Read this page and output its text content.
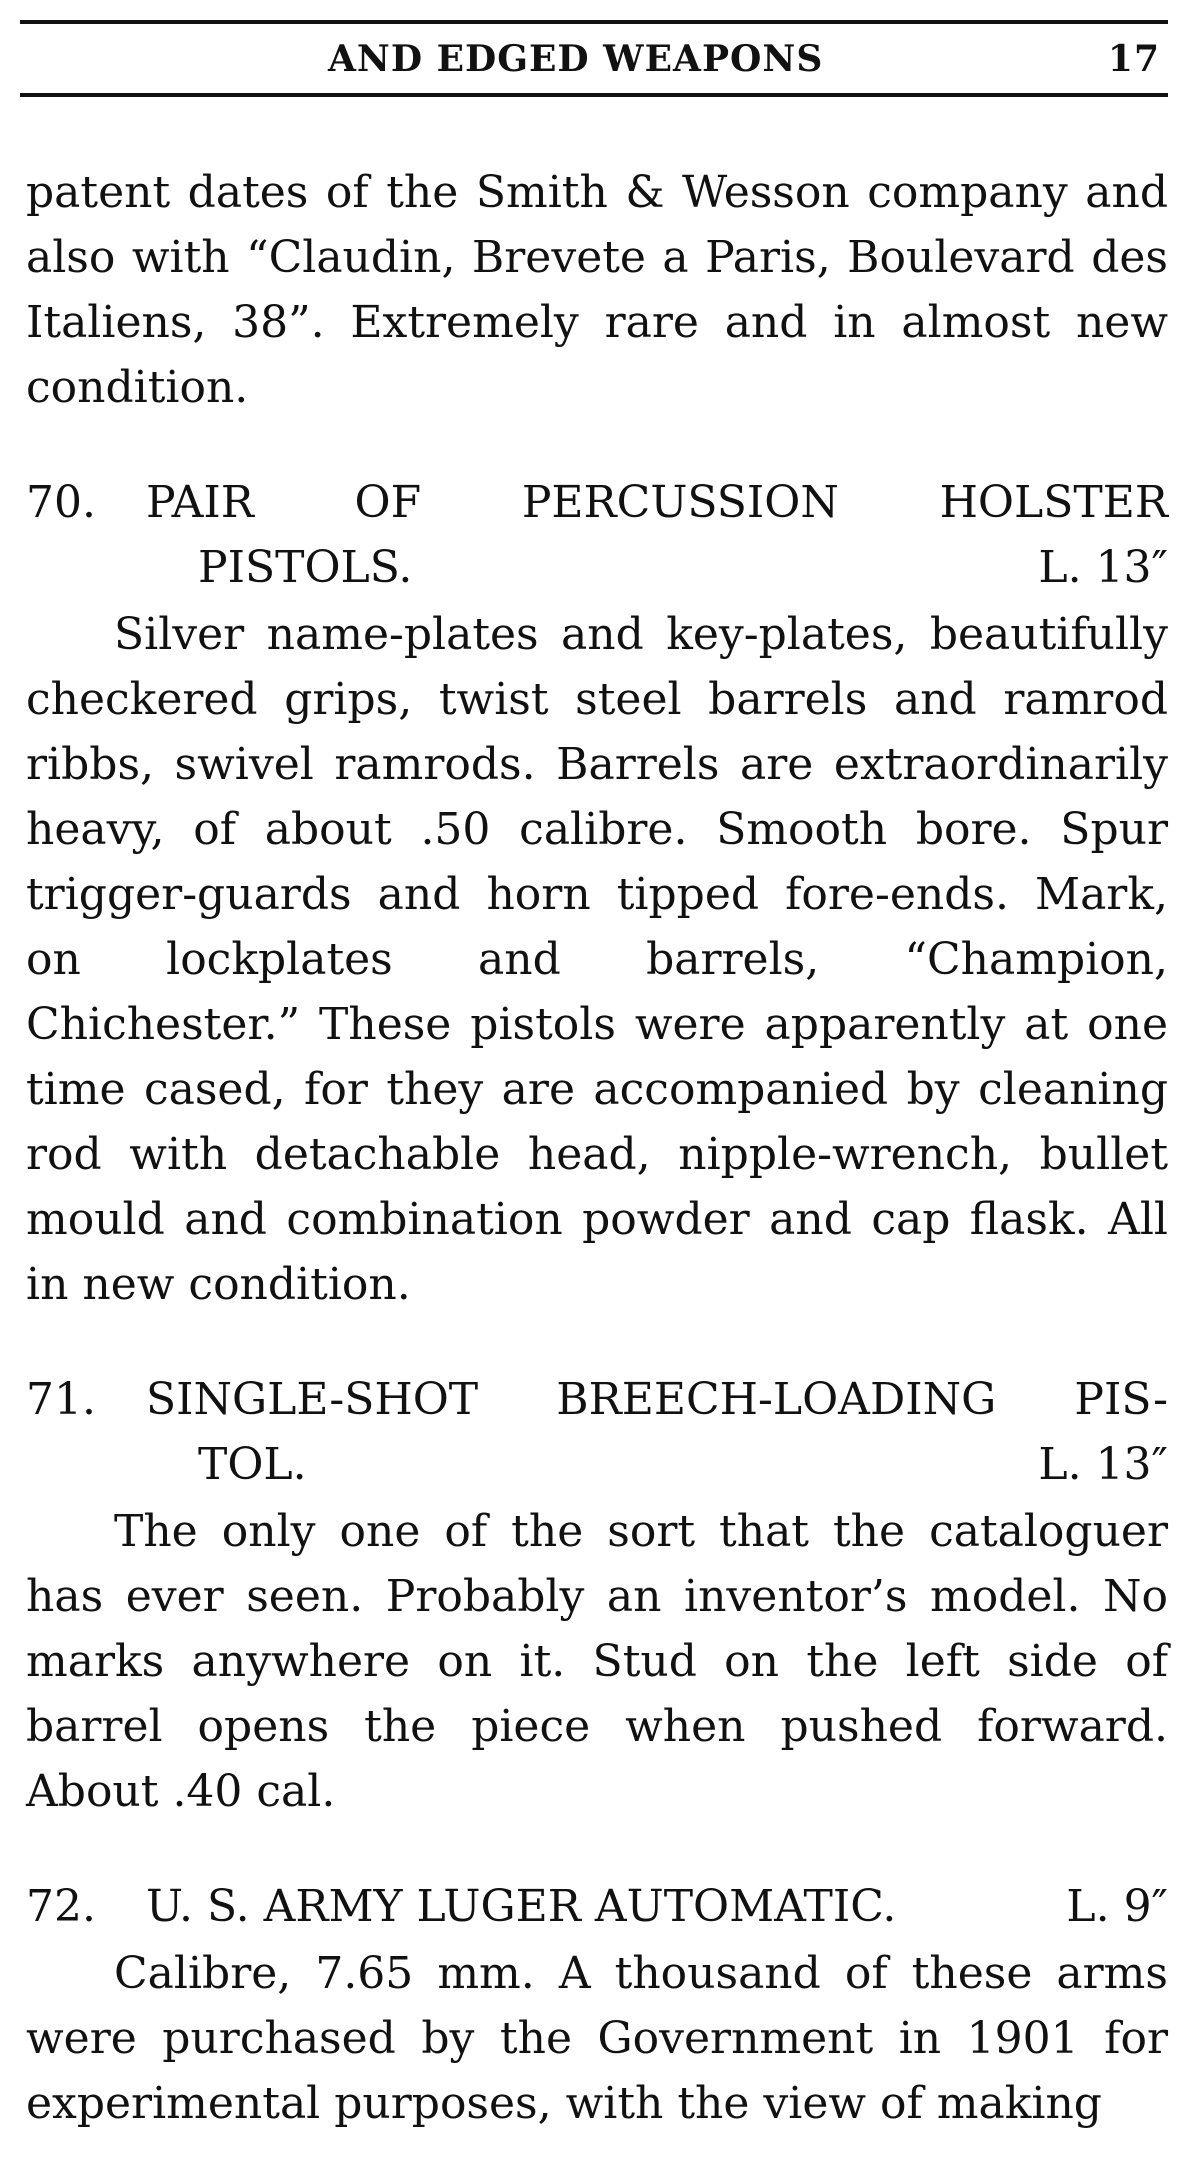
AND EDGED WEAPONS	17

patent dates of the Smith & Wesson company and also with “Claudin, Brevete a Paris, Boulevard des Italiens, 38”. Extremely rare and in almost new condition.

70.	PAIR OF PERCUSSION HOLSTER
PISTOLS.	L. 13″

Silver name-plates and key-plates, beautifully checkered grips, twist steel barrels and ramrod ribbs, swivel ramrods. Barrels are extraordinarily heavy, of about .50 calibre. Smooth bore. Spur trigger-guards and horn tipped fore-ends. Mark, on lockplates and barrels, “Champion, Chichester.” These pistols were apparently at one time cased, for they are accompanied by cleaning rod with detachable head, nipple-wrench, bullet mould and combination powder and cap flask. All in new condition.

71.	SINGLE-SHOT BREECH-LOADING PIS-
TOL.	L. 13″

The only one of the sort that the cataloguer has ever seen. Probably an inventor’s model. No marks anywhere on it. Stud on the left side of barrel opens the piece when pushed forward. About .40 cal.

72.	U. S. ARMY LUGER AUTOMATIC.	L. 9″

Calibre, 7.65 mm. A thousand of these arms were purchased by the Government in 1901 for experimental purposes, with the view of making
